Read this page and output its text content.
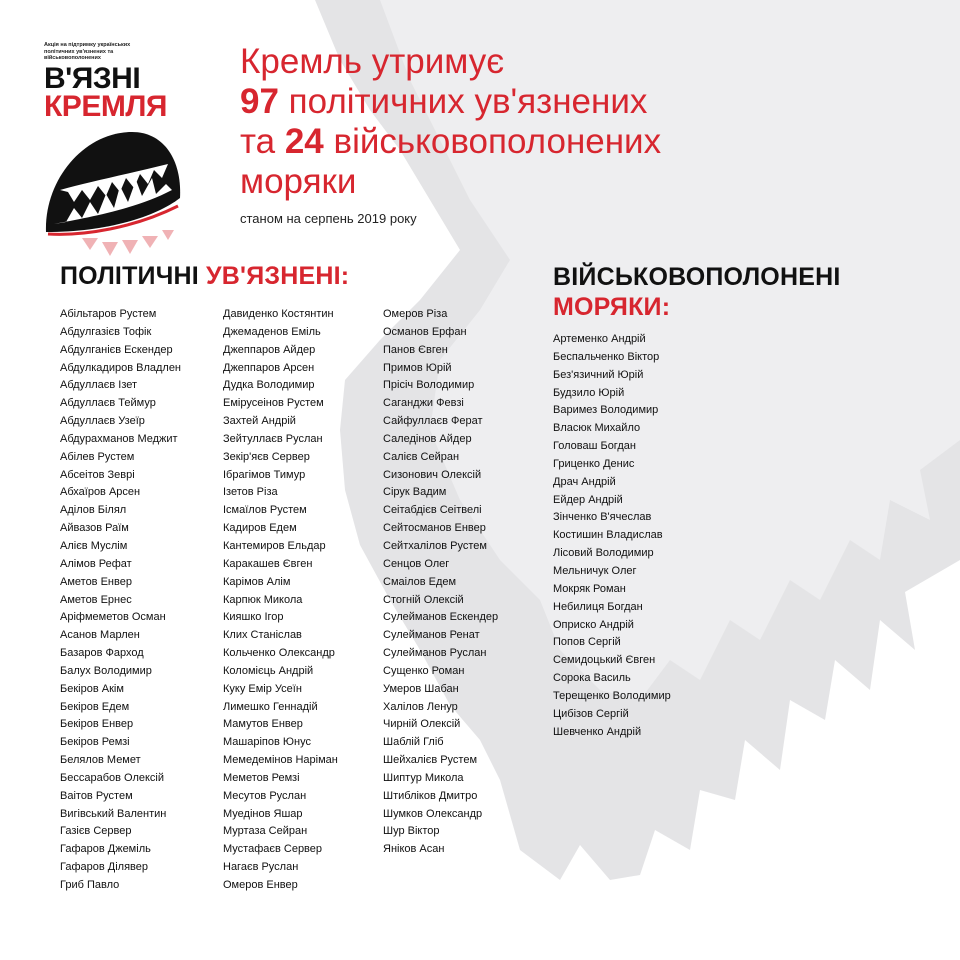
Акція на підтримку українських політичних ув'язнених та військовополонених
В'ЯЗНІ
КРЕМЛЯ
Кремль утримує
97 політичних ув'язнених
та 24 військовополонених
моряки
станом на серпень 2019 року
ПОЛІТИЧНІ УВ'ЯЗНЕНІ:
Абільтаров Рустем
Абдулгазієв Тофік
Абдулганієв Ескендер
Абдулкадиров Владлен
Абдуллаєв Ізет
Абдуллаєв Теймур
Абдуллаєв Узеїр
Абдурахманов Меджит
Абілев Рустем
Абсеітов Зеврі
Абхаїров Арсен
Аділов Білял
Айвазов Раїм
Алієв Муслім
Алімов Рефат
Аметов Енвер
Аметов Ернес
Аріфмеметов Осман
Асанов Марлен
Базаров Фарход
Балух Володимир
Бекіров Акім
Бекіров Едем
Бекіров Енвер
Бекіров Ремзі
Белялов Мемет
Бессарабов Олексій
Ваітов Рустем
Вигівський Валентин
Газієв Сервер
Гафаров Джеміль
Гафаров Ділявер
Гриб Павло
Давиденко Костянтин
Джемаденов Еміль
Джеппаров Айдер
Джеппаров Арсен
Дудка Володимир
Емірусеінов Рустем
Захтей Андрій
Зейтуллаєв Руслан
Зекір'яєв Сервер
Ібрагімов Тимур
Ізетов Різа
Ісмаїлов Рустем
Кадиров Едем
Кантемиров Ельдар
Каракашев Євген
Карімов Алім
Карпюк Микола
Кияшко Ігор
Клих Станіслав
Кольченко Олександр
Коломієць Андрій
Куку Емір Усеїн
Лимешко Геннадій
Мамутов Енвер
Машаріпов Юнус
Мемедемінов Наріман
Меметов Ремзі
Месутов Руслан
Муедінов Яшар
Муртаза Сейран
Мустафаєв Сервер
Нагаєв Руслан
Омеров Енвер
Омеров Різа
Османов Ерфан
Панов Євген
Примов Юрій
Прісіч Володимир
Саганджи Февзі
Сайфуллаєв Ферат
Саледінов Айдер
Салієв Сейран
Сизонович Олексій
Сірук Вадим
Сеітабдієв Сеітвелі
Сейтосманов Енвер
Сейтхалілов Рустем
Сенцов Олег
Смаілов Едем
Стогній Олексій
Сулейманов Ескендер
Сулейманов Ренат
Сулейманов Руслан
Сущенко Роман
Умеров Шабан
Халілов Ленур
Чирній Олексій
Шаблій Гліб
Шейхалієв Рустем
Шиптур Микола
Штибліков Дмитро
Шумков Олександр
Шур Віктор
Яніков Асан
ВІЙСЬКОВОПОЛОНЕНІ
МОРЯКИ:
Артеменко Андрій
Беспальченко Віктор
Без'язичний Юрій
Будзило Юрій
Варимез Володимир
Власюк Михайло
Головаш Богдан
Гриценко Денис
Драч Андрій
Ейдер Андрій
Зінченко В'ячеслав
Костишин Владислав
Лісовий Володимир
Мельничук Олег
Мокряк Роман
Небилиця Богдан
Оприско Андрій
Попов Сергій
Семидоцький Євген
Сорока Василь
Терещенко Володимир
Цибізов Сергій
Шевченко Андрій
